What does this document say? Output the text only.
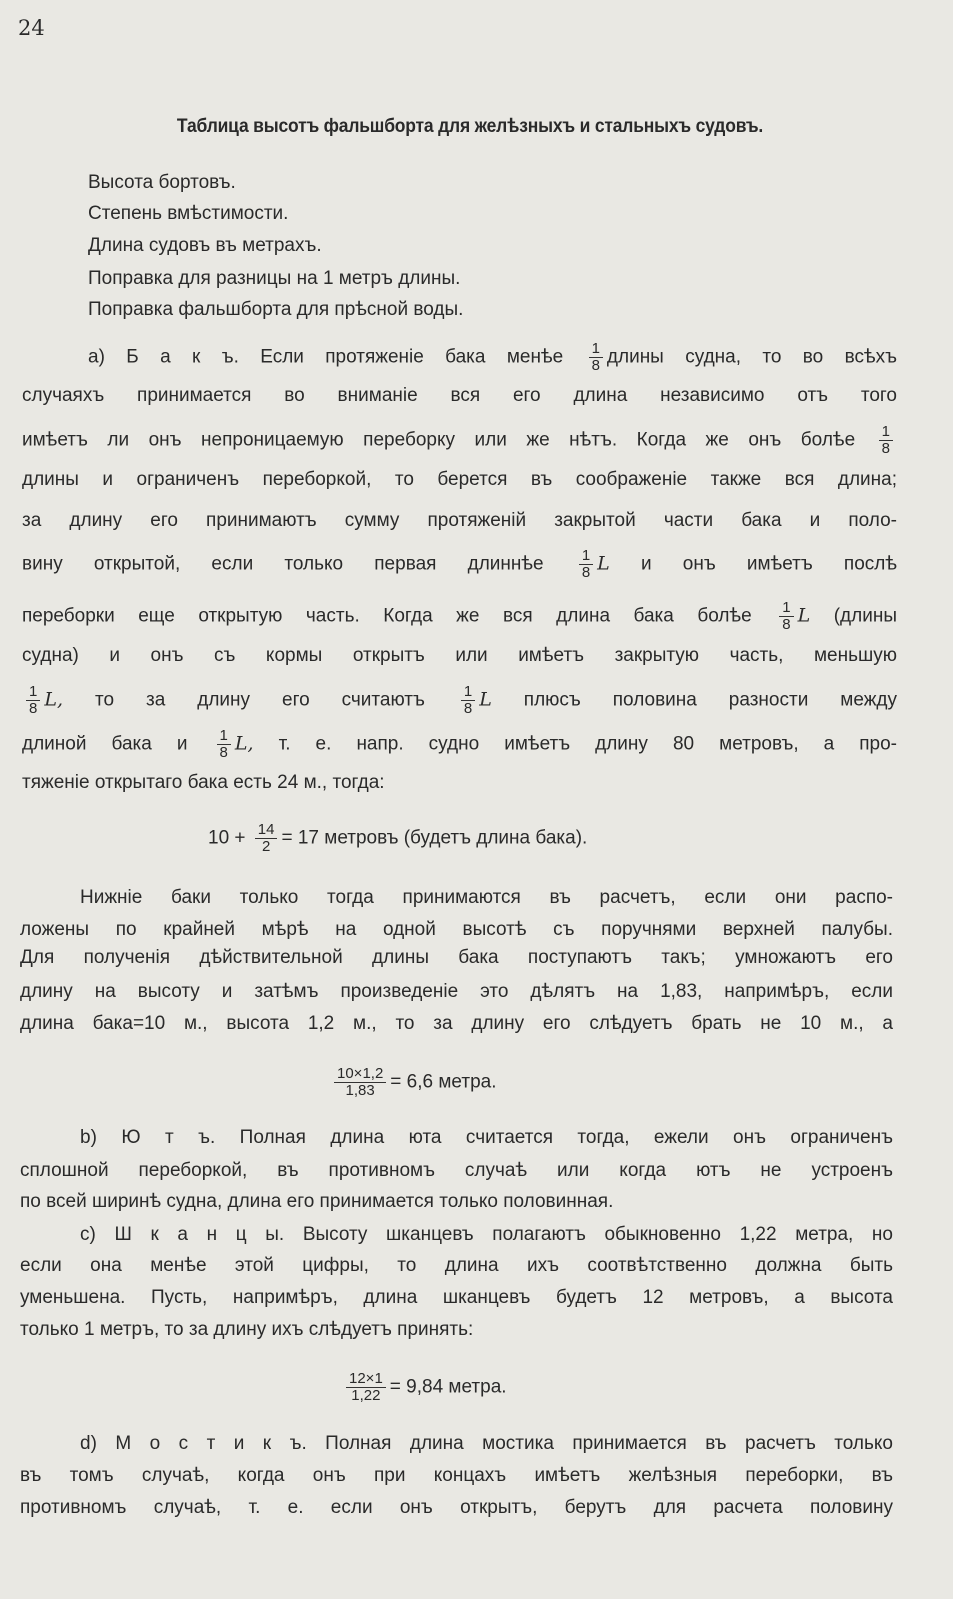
24
Таблица высотъ фальшборта для желѣзныхъ и стальныхъ судовъ.
Высота бортовъ.
Степень вмѣстимости.
Длина судовъ въ метрахъ.
Поправка для разницы на 1 метръ длины.
Поправка фальшборта для прѣсной воды.
а) Б а к ъ. Если протяженiе бака менѣе $\frac{1}{8}$ длины судна, то во всѣхъ
случаяхъ принимается во вниманiе вся его длина независимо отъ того
имѣетъ ли онъ непроницаемую переборку или же нѣтъ. Когда же онъ болѣе $\frac{1}{8}$
длины и ограниченъ переборкой, то берется въ соображенiе также вся длина;
за длину его принимаютъ сумму протяженiй закрытой части бака и поло-
вину открытой, если только первая длиннѣе $\frac{1}{8}$ L и онъ имѣетъ послѣ
переборки еще открытую часть. Когда же вся длина бака болѣе $\frac{1}{8}$ L (длины
судна) и онъ съ кормы открытъ или имѣетъ закрытую часть, меньшую
$\frac{1}{8} L$, то за длину его считаютъ $\frac{1}{8}$ L плюсъ половина разности между
длиной бака и $\frac{1}{8} L$, т. е. напр. судно имѣетъ длину 80 метровъ, а про-
тяженiе открытаго бака есть 24 м., тогда:
$10 + \frac{14}{2} = 17$ метровъ (будетъ длина бака).
Нижнiе баки только тогда принимаются въ расчетъ, если они распо-
ложены по крайней мѣрѣ на одной высотѣ съ поручнями верхней палубы.
Для полученiя дѣйствительной длины бака поступаютъ такъ; умножаютъ его
длину на высоту и затѣмъ произведенiе это дѣлятъ на 1,83, напримѣръ, если
длина бака=10 м., высота 1,2 м., то за длину его слѣдуетъ брать не 10 м., а
$\frac{10\times 1,2}{1,83} = 6,6$ метра.
b) Ю т ъ. Полная длина юта считается тогда, ежели онъ ограниченъ
сплошной переборкой, въ противномъ случаѣ или когда ютъ не устроенъ
по всей ширинѣ судна, длина его принимается только половинная.
c) Ш к а н ц ы. Высоту шканцевъ полагаютъ обыкновенно 1,22 метра, но
если она менѣе этой цифры, то длина ихъ соотвѣтственно должна быть
уменьшена. Пусть, напримѣръ, длина шканцевъ будетъ 12 метровъ, а высота
только 1 метръ, то за длину ихъ слѣдуетъ принять:
$\frac{12\times 1}{1,22} = 9,84$ метра.
d) М о с т и к ъ. Полная длина мостика принимается въ расчетъ только
въ томъ случаѣ, когда онъ при концахъ имѣетъ желѣзныя переборки, въ
противномъ случаѣ, т. е. если онъ открытъ, берутъ для расчета половину
